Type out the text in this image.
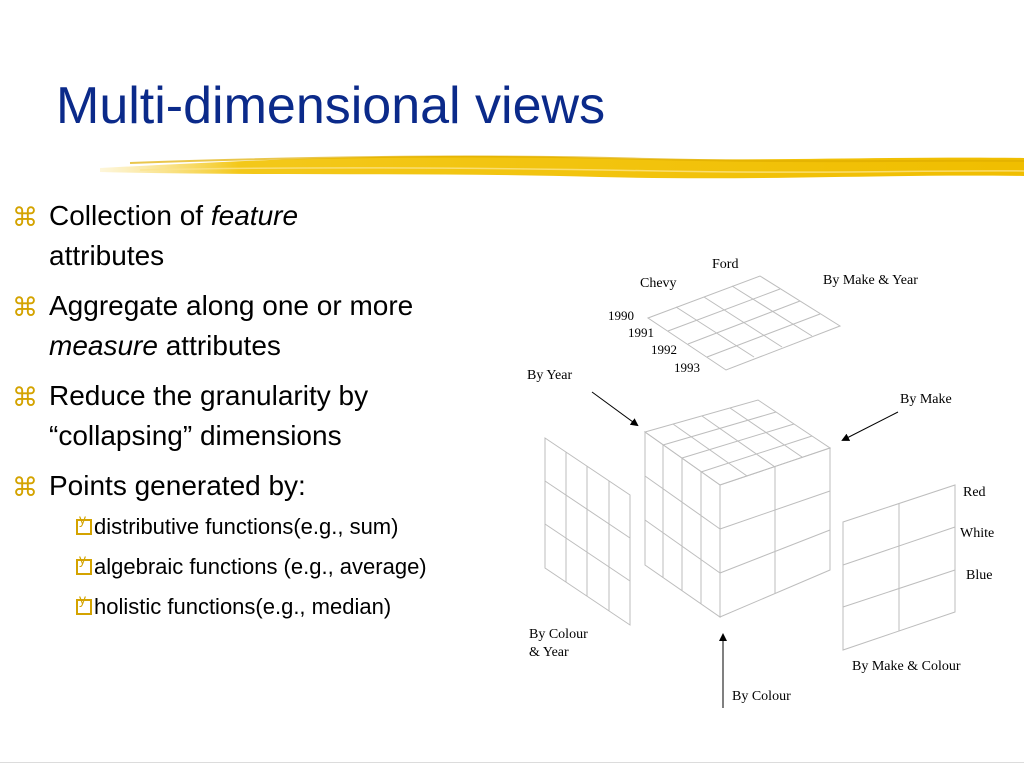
Multi-dimensional views
⌘ Collection of feature
attributes
⌘ Aggregate along one or more measure attributes
⌘ Reduce the granularity by “collapsing” dimensions
⌘ Points generated by:
y distributive functions(e.g., sum)
y algebraic functions (e.g., average)
y holistic functions(e.g., median)
Ford
Chevy	By Make & Year
1990
1991
1992
1993
By Year
By Make
Red
White
Blue
By Make & Colour
By Colour
& Year
By Colour
